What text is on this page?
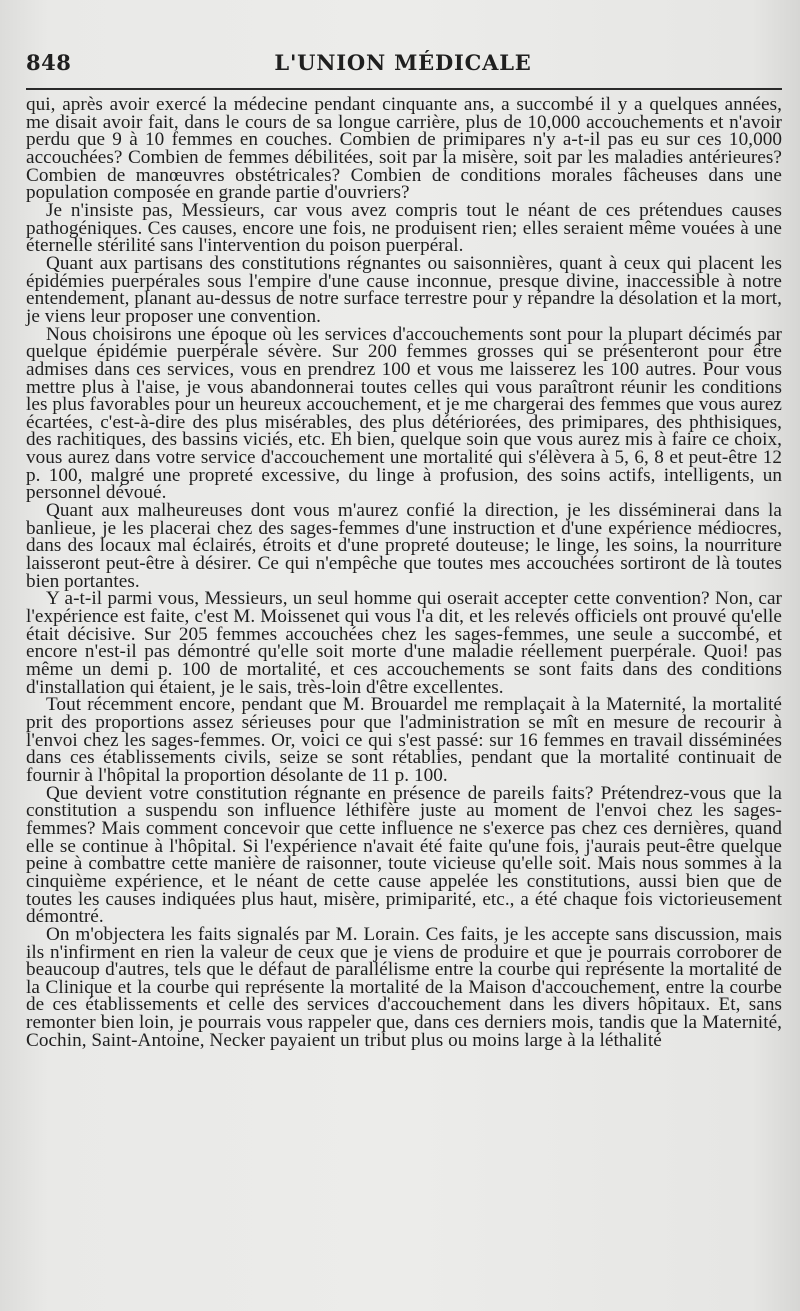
848	L'UNION MÉDICALE

qui, après avoir exercé la médecine pendant cinquante ans, a succombé il y a quelques années, me disait avoir fait, dans le cours de sa longue carrière, plus de 10,000 accouchements et n'avoir perdu que 9 à 10 femmes en couches. Combien de primipares n'y a-t-il pas eu sur ces 10,000 accouchées? Combien de femmes débilitées, soit par la misère, soit par les maladies antérieures? Combien de manœuvres obstétricales? Combien de conditions morales fâcheuses dans une population composée en grande partie d'ouvriers?

Je n'insiste pas, Messieurs, car vous avez compris tout le néant de ces prétendues causes pathogéniques. Ces causes, encore une fois, ne produisent rien; elles seraient même vouées à une éternelle stérilité sans l'intervention du poison puerpéral.

Quant aux partisans des constitutions régnantes ou saisonnières, quant à ceux qui placent les épidémies puerpérales sous l'empire d'une cause inconnue, presque divine, inaccessible à notre entendement, planant au-dessus de notre surface terrestre pour y répandre la désolation et la mort, je viens leur proposer une convention.

Nous choisirons une époque où les services d'accouchements sont pour la plupart décimés par quelque épidémie puerpérale sévère. Sur 200 femmes grosses qui se présenteront pour être admises dans ces services, vous en prendrez 100 et vous me laisserez les 100 autres. Pour vous mettre plus à l'aise, je vous abandonnerai toutes celles qui vous paraîtront réunir les conditions les plus favorables pour un heureux accouchement, et je me chargerai des femmes que vous aurez écartées, c'est-à-dire des plus misérables, des plus détériorées, des primipares, des phthisiques, des rachitiques, des bassins viciés, etc. Eh bien, quelque soin que vous aurez mis à faire ce choix, vous aurez dans votre service d'accouchement une mortalité qui s'élèvera à 5, 6, 8 et peut-être 12 p. 100, malgré une propreté excessive, du linge à profusion, des soins actifs, intelligents, un personnel dévoué.

Quant aux malheureuses dont vous m'aurez confié la direction, je les disséminerai dans la banlieue, je les placerai chez des sages-femmes d'une instruction et d'une expérience médiocres, dans des locaux mal éclairés, étroits et d'une propreté douteuse; le linge, les soins, la nourriture laisseront peut-être à désirer. Ce qui n'empêche que toutes mes accouchées sortiront de là toutes bien portantes.

Y a-t-il parmi vous, Messieurs, un seul homme qui oserait accepter cette convention? Non, car l'expérience est faite, c'est M. Moissenet qui vous l'a dit, et les relevés officiels ont prouvé qu'elle était décisive. Sur 205 femmes accouchées chez les sages-femmes, une seule a succombé, et encore n'est-il pas démontré qu'elle soit morte d'une maladie réellement puerpérale. Quoi! pas même un demi p. 100 de mortalité, et ces accouchements se sont faits dans des conditions d'installation qui étaient, je le sais, très-loin d'être excellentes.

Tout récemment encore, pendant que M. Brouardel me remplaçait à la Maternité, la mortalité prit des proportions assez sérieuses pour que l'administration se mît en mesure de recourir à l'envoi chez les sages-femmes. Or, voici ce qui s'est passé: sur 16 femmes en travail disséminées dans ces établissements civils, seize se sont rétablies, pendant que la mortalité continuait de fournir à l'hôpital la proportion désolante de 11 p. 100.

Que devient votre constitution régnante en présence de pareils faits? Prétendrez-vous que la constitution a suspendu son influence léthifère juste au moment de l'envoi chez les sages-femmes? Mais comment concevoir que cette influence ne s'exerce pas chez ces dernières, quand elle se continue à l'hôpital. Si l'expérience n'avait été faite qu'une fois, j'aurais peut-être quelque peine à combattre cette manière de raisonner, toute vicieuse qu'elle soit. Mais nous sommes à la cinquième expérience, et le néant de cette cause appelée les constitutions, aussi bien que de toutes les causes indiquées plus haut, misère, primiparité, etc., a été chaque fois victorieusement démontré.

On m'objectera les faits signalés par M. Lorain. Ces faits, je les accepte sans discussion, mais ils n'infirment en rien la valeur de ceux que je viens de produire et que je pourrais corroborer de beaucoup d'autres, tels que le défaut de parallélisme entre la courbe qui représente la mortalité de la Clinique et la courbe qui représente la mortalité de la Maison d'accouchement, entre la courbe de ces établissements et celle des services d'accouchement dans les divers hôpitaux. Et, sans remonter bien loin, je pourrais vous rappeler que, dans ces derniers mois, tandis que la Maternité, Cochin, Saint-Antoine, Necker payaient un tribut plus ou moins large à la léthalité
